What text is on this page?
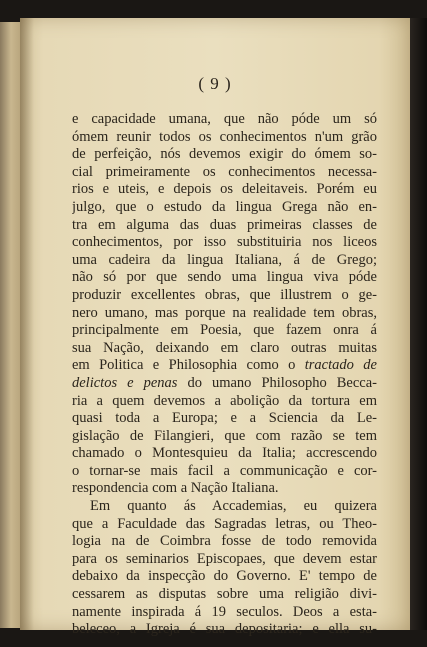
( 9 )
e capacidade umana, que não póde um só
ómem reunir todos os conhecimentos n'um grão
de perfeição, nós devemos exigir do ómem so-
cial primeiramente os conhecimentos necessa-
rios e uteis, e depois os deleitaveis. Porém eu
julgo, que o estudo da lingua Grega não en-
tra em alguma das duas primeiras classes de
conhecimentos, por isso substituiria nos liceos
uma cadeira da lingua Italiana, á de Grego;
não só por que sendo uma lingua viva póde
produzir excellentes obras, que illustrem o ge-
nero umano, mas porque na realidade tem obras,
principalmente em Poesia, que fazem onra á
sua Nação, deixando em claro outras muitas
em Politica e Philosophia como o tractado de
delictos e penas do umano Philosopho Becca-
ria a quem devemos a abolição da tortura em
quasi toda a Europa; e a Sciencia da Le-
gislação de Filangieri, que com razão se tem
chamado o Montesquieu da Italia; accrescendo
o tornar-se mais facil a communicação e cor-
respondencia com a Nação Italiana.
Em quanto ás Accademias, eu quizera
que a Faculdade das Sagradas letras, ou Theo-
logia na de Coimbra fosse de todo removida
para os seminarios Episcopaes, que devem estar
debaixo da inspecção do Governo. E' tempo de
cessarem as disputas sobre uma religião divi-
namente inspirada á 19 seculos. Deos a esta-
beleceo, a Igreja é sua depositaria; e ella su-
